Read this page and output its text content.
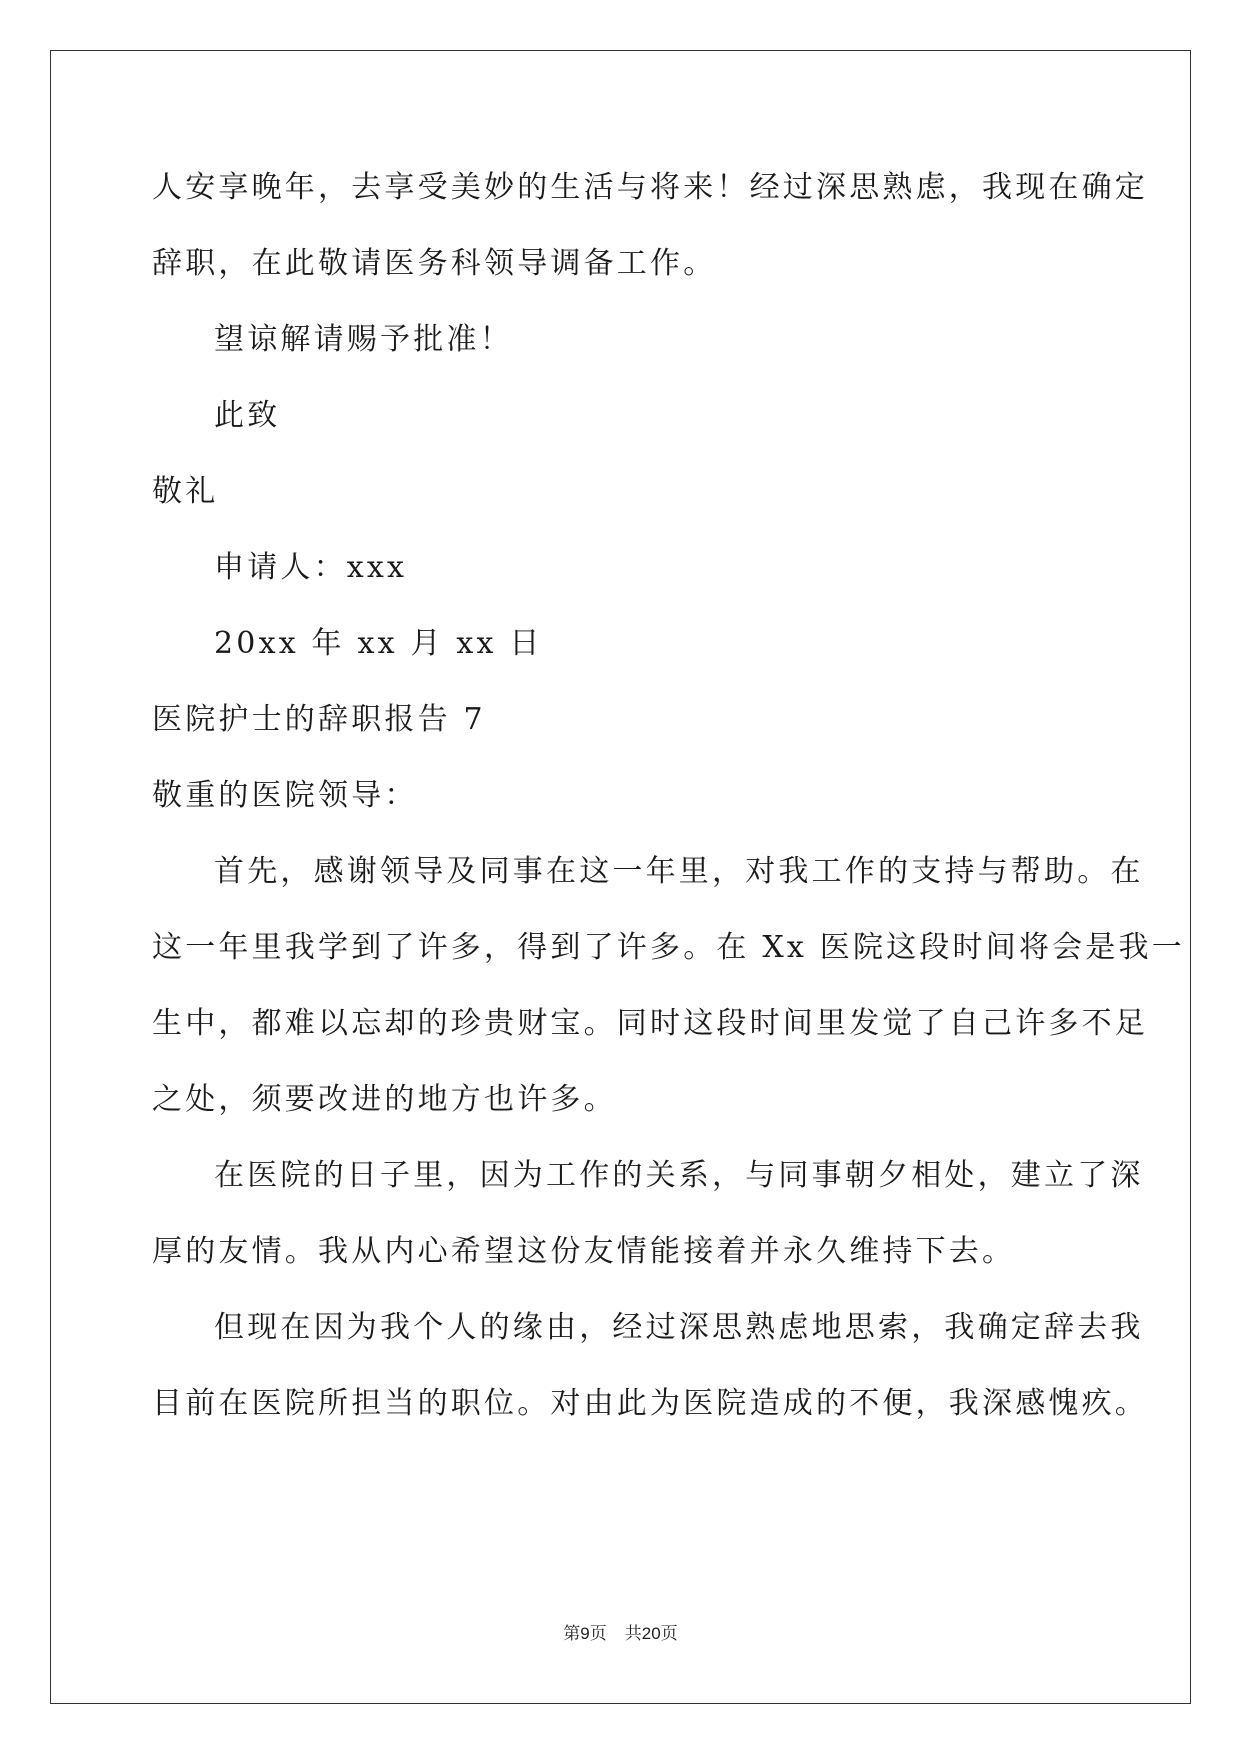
人安享晚年，去享受美妙的生活与将来！经过深思熟虑，我现在确定
辞职，在此敬请医务科领导调备工作。
望谅解请赐予批准！
此致
敬礼
申请人：xxx
20xx 年 xx 月 xx 日
医院护士的辞职报告 7
敬重的医院领导：
首先，感谢领导及同事在这一年里，对我工作的支持与帮助。在
这一年里我学到了许多，得到了许多。在 Xx 医院这段时间将会是我一
生中，都难以忘却的珍贵财宝。同时这段时间里发觉了自己许多不足
之处，须要改进的地方也许多。
在医院的日子里，因为工作的关系，与同事朝夕相处，建立了深
厚的友情。我从内心希望这份友情能接着并永久维持下去。
但现在因为我个人的缘由，经过深思熟虑地思索，我确定辞去我
目前在医院所担当的职位。对由此为医院造成的不便，我深感愧疚。
第9页 共20页
